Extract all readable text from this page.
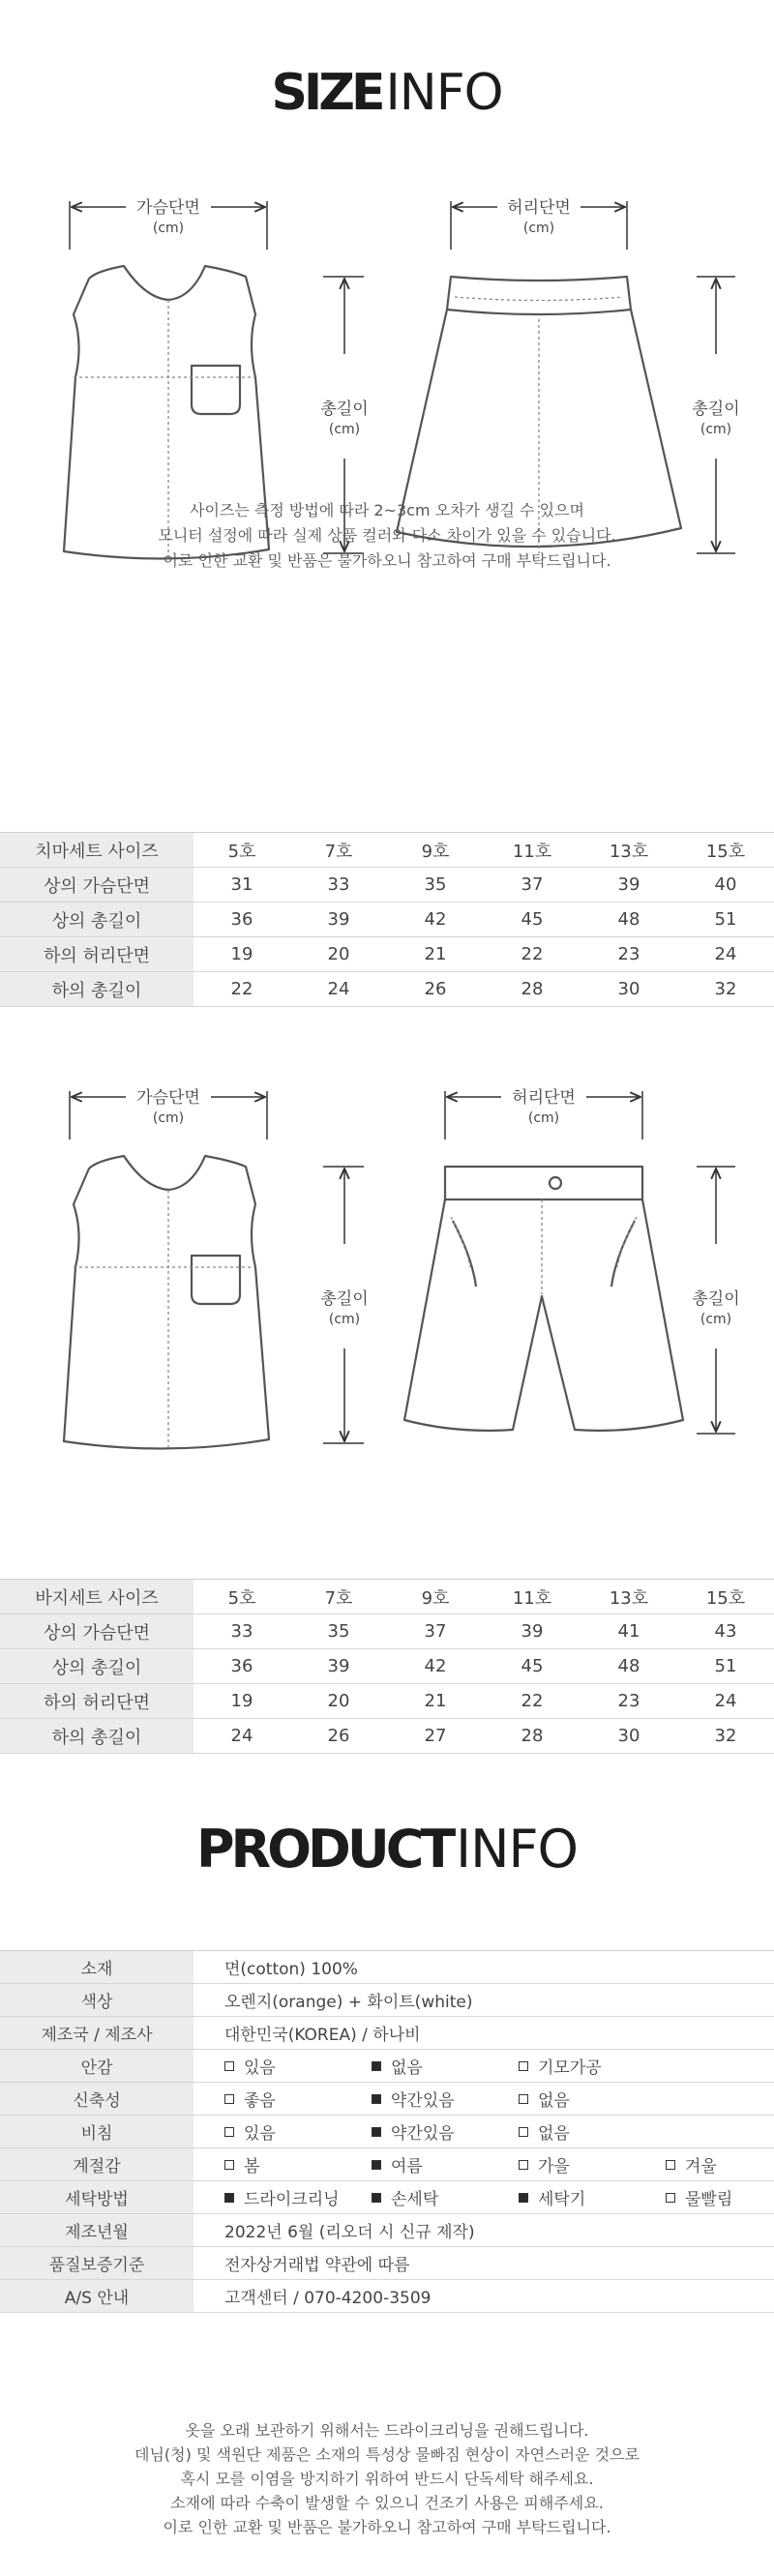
SIZEINFO
가슴단면
(cm)
총길이
(cm)
허리단면
(cm)
총길이
(cm)
사이즈는 측정 방법에 따라 2~3cm 오차가 생길 수 있으며
모니터 설정에 따라 실제 상품 컬러와 다소 차이가 있을 수 있습니다.
이로 인한 교환 및 반품은 불가하오니 참고하여 구매 부탁드립니다.
치마세트 사이즈	5호	7호	9호	11호	13호	15호
상의 가슴단면	31	33	35	37	39	40
상의 총길이	36	39	42	45	48	51
하의 허리단면	19	20	21	22	23	24
하의 총길이	22	24	26	28	30	32
가슴단면
(cm)
총길이
(cm)
허리단면
(cm)
총길이
(cm)
바지세트 사이즈	5호	7호	9호	11호	13호	15호
상의 가슴단면	33	35	37	39	41	43
상의 총길이	36	39	42	45	48	51
하의 허리단면	19	20	21	22	23	24
하의 총길이	24	26	27	28	30	32
PRODUCTINFO
소재	면(cotton) 100%
색상	오렌지(orange) + 화이트(white)
제조국 / 제조사	대한민국(KOREA) / 하나비
안감	있음 없음 기모가공

신축성	좋음 약간있음 없음

비침	있음 약간있음 없음

계절감	봄 여름 가을 겨울

세탁방법	드라이크리닝 손세탁 세탁기 물빨림

제조년월	2022년 6월 (리오더 시 신규 제작)
품질보증기준	전자상거래법 약관에 따름
A/S 안내	고객센터 / 070-4200-3509
옷을 오래 보관하기 위해서는 드라이크리닝을 권해드립니다.
데님(청) 및 색원단 제품은 소재의 특성상 물빠짐 현상이 자연스러운 것으로
혹시 모를 이염을 방지하기 위하여 반드시 단독세탁 해주세요.
소재에 따라 수축이 발생할 수 있으니 건조기 사용은 피해주세요.
이로 인한 교환 및 반품은 불가하오니 참고하여 구매 부탁드립니다.
